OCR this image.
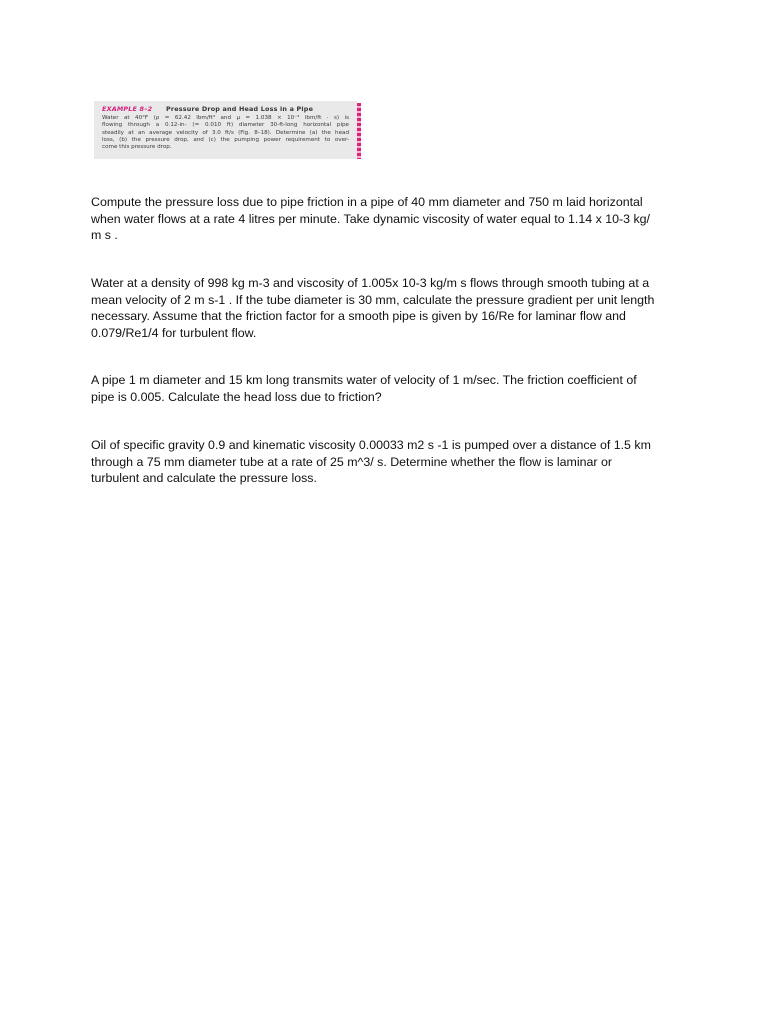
EXAMPLE 8–2	Pressure Drop and Head Loss in a Pipe
Water at 40°F (ρ = 62.42 lbm/ft³ and μ = 1.038 × 10⁻³ lbm/ft · s) is
flowing through a 0.12-in- (= 0.010 ft) diameter 30-ft-long horizontal pipe
steadily at an average velocity of 3.0 ft/s (Fig. 8–18). Determine (a) the head
loss, (b) the pressure drop, and (c) the pumping power requirement to over-
come this pressure drop.
Compute the pressure loss due to pipe friction in a pipe of 40 mm diameter and 750 m laid horizontal
when water flows at a rate 4 litres per minute. Take dynamic viscosity of water equal to 1.14 x 10-3 kg/
m s .
Water at a density of 998 kg m-3 and viscosity of 1.005x 10-3 kg/m s flows through smooth tubing at a
mean velocity of 2 m s-1 . If the tube diameter is 30 mm, calculate the pressure gradient per unit length
necessary. Assume that the friction factor for a smooth pipe is given by 16/Re for laminar flow and
0.079/Re1/4 for turbulent flow.
A pipe 1 m diameter and 15 km long transmits water of velocity of 1 m/sec. The friction coefficient of
pipe is 0.005. Calculate the head loss due to friction?
Oil of specific gravity 0.9 and kinematic viscosity 0.00033 m2 s -1 is pumped over a distance of 1.5 km
through a 75 mm diameter tube at a rate of 25 m^3/ s. Determine whether the flow is laminar or
turbulent and calculate the pressure loss.
